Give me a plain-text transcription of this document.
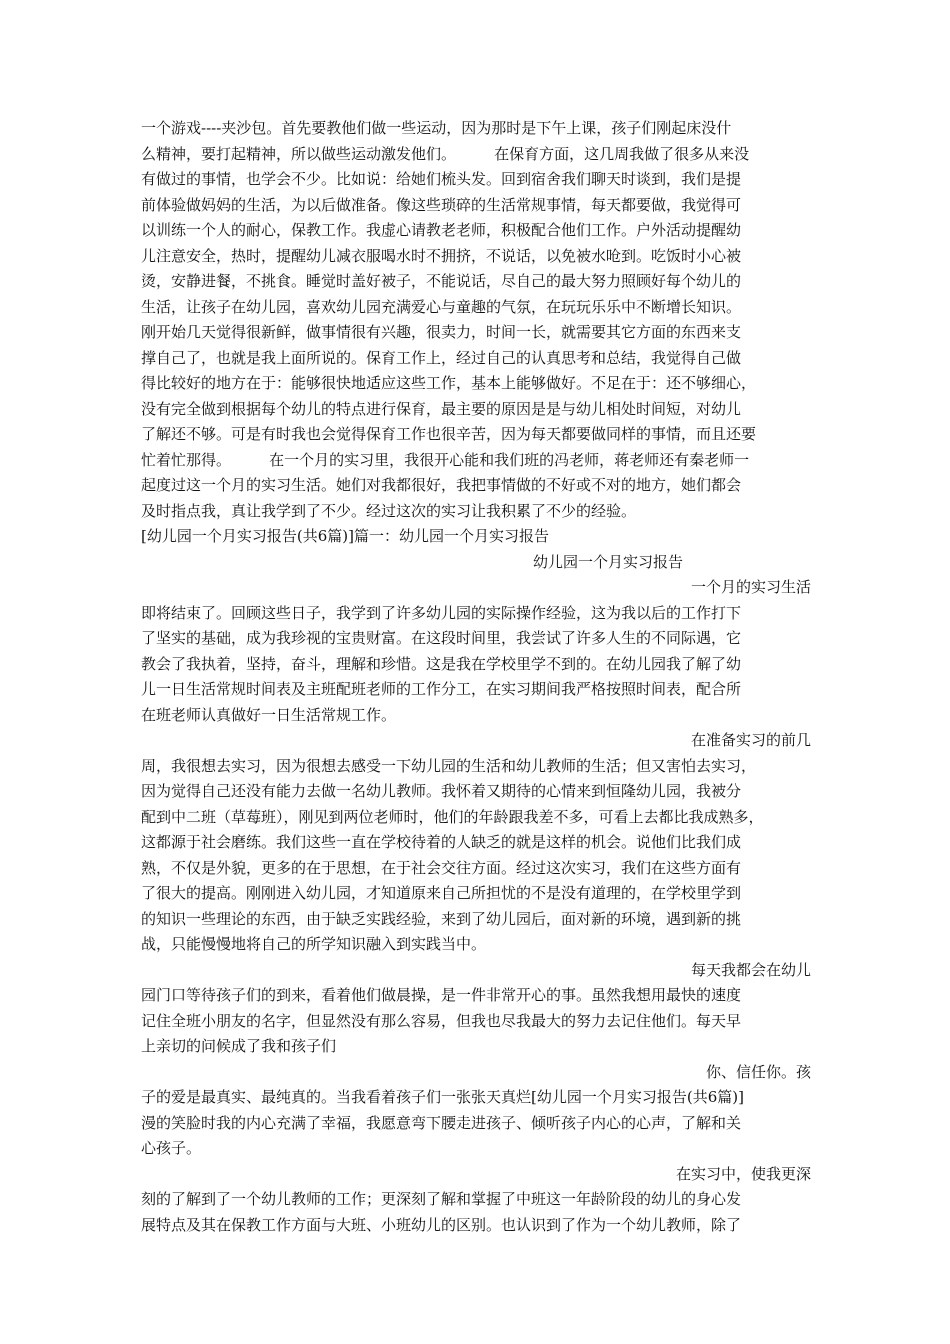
一个游戏----夹沙包。首先要教他们做一些运动，因为那时是下午上课，孩子们刚起床没什
么精神，要打起精神，所以做些运动激发他们。        在保育方面，这几周我做了很多从来没
有做过的事情，也学会不少。比如说：给她们梳头发。回到宿舍我们聊天时谈到，我们是提
前体验做妈妈的生活，为以后做准备。像这些琐碎的生活常规事情，每天都要做，我觉得可
以训练一个人的耐心，保教工作。我虚心请教老老师，积极配合他们工作。户外活动提醒幼
儿注意安全，热时，提醒幼儿减衣服喝水时不拥挤，不说话，以免被水呛到。吃饭时小心被
烫，安静进餐，不挑食。睡觉时盖好被子，不能说话，尽自己的最大努力照顾好每个幼儿的
生活，让孩子在幼儿园，喜欢幼儿园充满爱心与童趣的气氛，在玩玩乐乐中不断增长知识。
刚开始几天觉得很新鲜，做事情很有兴趣，很卖力，时间一长，就需要其它方面的东西来支
撑自己了，也就是我上面所说的。保育工作上，经过自己的认真思考和总结，我觉得自己做
得比较好的地方在于：能够很快地适应这些工作，基本上能够做好。不足在于：还不够细心，
没有完全做到根据每个幼儿的特点进行保育，最主要的原因是是与幼儿相处时间短，对幼儿
了解还不够。可是有时我也会觉得保育工作也很辛苦，因为每天都要做同样的事情，而且还要
忙着忙那得。        在一个月的实习里，我很开心能和我们班的冯老师，蒋老师还有秦老师一
起度过这一个月的实习生活。她们对我都很好，我把事情做的不好或不对的地方，她们都会
及时指点我，真让我学到了不少。经过这次的实习让我积累了不少的经验。
[幼儿园一个月实习报告(共6篇)]篇一：幼儿园一个月实习报告
幼儿园一个月实习报告
一个月的实习生活
即将结束了。回顾这些日子，我学到了许多幼儿园的实际操作经验，这为我以后的工作打下
了坚实的基础，成为我珍视的宝贵财富。在这段时间里，我尝试了许多人生的不同际遇，它
教会了我执着，坚持，奋斗，理解和珍惜。这是我在学校里学不到的。在幼儿园我了解了幼
儿一日生活常规时间表及主班配班老师的工作分工，在实习期间我严格按照时间表，配合所
在班老师认真做好一日生活常规工作。
在准备实习的前几
周，我很想去实习，因为很想去感受一下幼儿园的生活和幼儿教师的生活；但又害怕去实习，
因为觉得自己还没有能力去做一名幼儿教师。我怀着又期待的心情来到恒隆幼儿园，我被分
配到中二班（草莓班），刚见到两位老师时，他们的年龄跟我差不多，可看上去都比我成熟多，
这都源于社会磨练。我们这些一直在学校待着的人缺乏的就是这样的机会。说他们比我们成
熟，不仅是外貌，更多的在于思想，在于社会交往方面。经过这次实习，我们在这些方面有
了很大的提高。刚刚进入幼儿园，才知道原来自己所担忧的不是没有道理的，在学校里学到
的知识一些理论的东西，由于缺乏实践经验，来到了幼儿园后，面对新的环境，遇到新的挑
战，只能慢慢地将自己的所学知识融入到实践当中。
每天我都会在幼儿
园门口等待孩子们的到来，看着他们做晨操，是一件非常开心的事。虽然我想用最快的速度
记住全班小朋友的名字，但显然没有那么容易，但我也尽我最大的努力去记住他们。每天早
上亲切的问候成了我和孩子们
你、信任你。孩
子的爱是最真实、最纯真的。当我看着孩子们一张张天真烂[幼儿园一个月实习报告(共6篇)]
漫的笑脸时我的内心充满了幸福，我愿意弯下腰走进孩子、倾听孩子内心的心声，了解和关
心孩子。
在实习中，使我更深
刻的了解到了一个幼儿教师的工作；更深刻了解和掌握了中班这一年龄阶段的幼儿的身心发
展特点及其在保教工作方面与大班、小班幼儿的区别。也认识到了作为一个幼儿教师，除了
